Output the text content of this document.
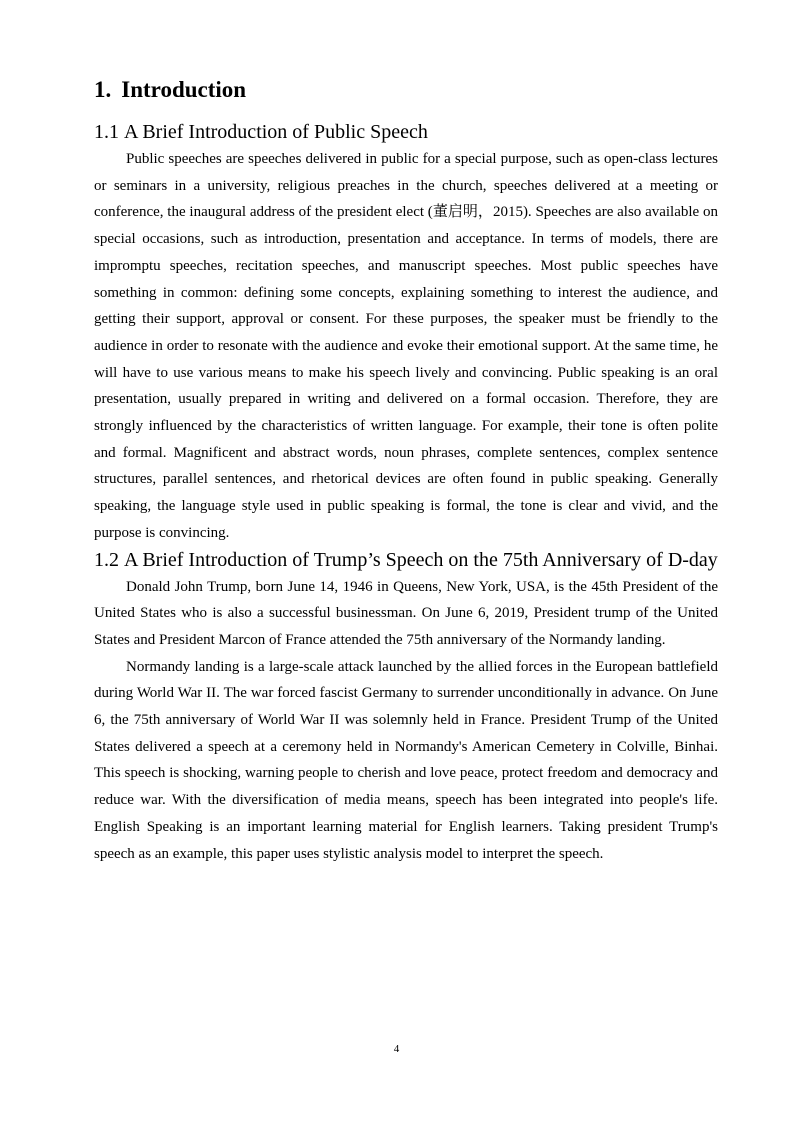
1. Introduction
1.1 A Brief Introduction of Public Speech

Public speeches are speeches delivered in public for a special purpose, such as open-class lectures or seminars in a university, religious preaches in the church, speeches delivered at a meeting or conference, the inaugural address of the president elect (董启明，2015). Speeches are also available on special occasions, such as introduction, presentation and acceptance. In terms of models, there are impromptu speeches, recitation speeches, and manuscript speeches. Most public speeches have something in common: defining some concepts, explaining something to interest the audience, and getting their support, approval or consent. For these purposes, the speaker must be friendly to the audience in order to resonate with the audience and evoke their emotional support. At the same time, he will have to use various means to make his speech lively and convincing. Public speaking is an oral presentation, usually prepared in writing and delivered on a formal occasion. Therefore, they are strongly influenced by the characteristics of written language. For example, their tone is often polite and formal. Magnificent and abstract words, noun phrases, complete sentences, complex sentence structures, parallel sentences, and rhetorical devices are often found in public speaking. Generally speaking, the language style used in public speaking is formal, the tone is clear and vivid, and the purpose is convincing.

1.2 A Brief Introduction of Trump’s Speech on the 75th Anniversary of D-day

Donald John Trump, born June 14, 1946 in Queens, New York, USA, is the 45th President of the United States who is also a successful businessman. On June 6, 2019, President trump of the United States and President Marcon of France attended the 75th anniversary of the Normandy landing.

Normandy landing is a large-scale attack launched by the allied forces in the European battlefield during World War II. The war forced fascist Germany to surrender unconditionally in advance. On June 6, the 75th anniversary of World War II was solemnly held in France. President Trump of the United States delivered a speech at a ceremony held in Normandy's American Cemetery in Colville, Binhai. This speech is shocking, warning people to cherish and love peace, protect freedom and democracy and reduce war. With the diversification of media means, speech has been integrated into people's life. English Speaking is an important learning material for English learners. Taking president Trump's speech as an example, this paper uses stylistic analysis model to interpret the speech.

4
